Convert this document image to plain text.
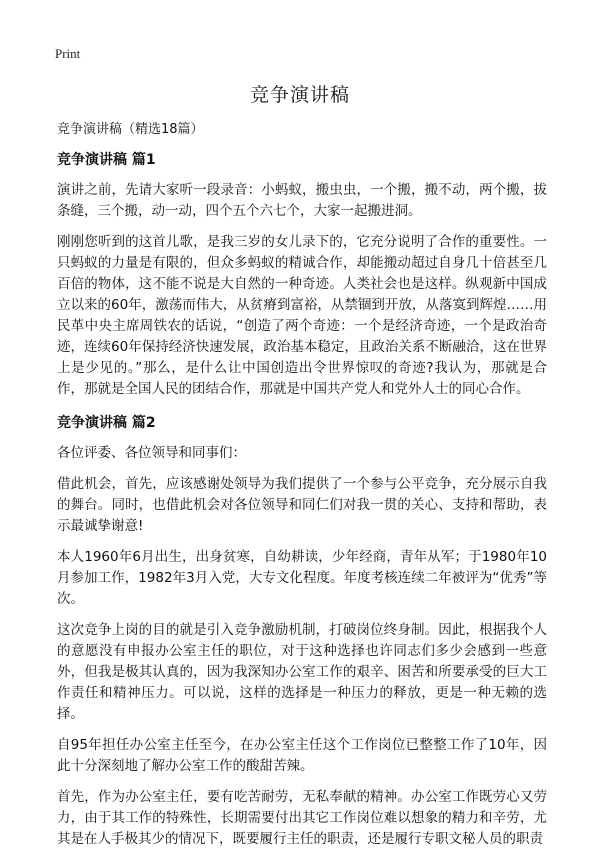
Print
竞争演讲稿

竞争演讲稿（精选18篇）

竞争演讲稿 篇1

演讲之前，先请大家听一段录音：小蚂蚁，搬虫虫，一个搬，搬不动，两个搬，拔条缝，三个搬，动一动，四个五个六七个，大家一起搬进洞。

刚刚您听到的这首儿歌，是我三岁的女儿录下的，它充分说明了合作的重要性。一只蚂蚁的力量是有限的，但众多蚂蚁的精诚合作，却能搬动超过自身几十倍甚至几百倍的物体，这不能不说是大自然的一种奇迹。人类社会也是这样。纵观新中国成立以来的60年，激荡而伟大，从贫瘠到富裕，从禁锢到开放，从落寞到辉煌……用民革中央主席周铁农的话说，“创造了两个奇迹：一个是经济奇迹，一个是政治奇迹，连续60年保持经济快速发展，政治基本稳定，且政治关系不断融洽，这在世界上是少见的。”那么，是什么让中国创造出令世界惊叹的奇迹?我认为，那就是合作，那就是全国人民的团结合作，那就是中国共产党人和党外人士的同心合作。

竞争演讲稿 篇2

各位评委、各位领导和同事们：

借此机会，首先，应该感谢处领导为我们提供了一个参与公平竞争，充分展示自我的舞台。同时，也借此机会对各位领导和同仁们对我一贯的关心、支持和帮助，表示最诚挚谢意!

本人1960年6月出生，出身贫寒，自幼耕读，少年经商，青年从军；于1980年10月参加工作，1982年3月入党，大专文化程度。年度考核连续二年被评为“优秀”等次。

这次竞争上岗的目的就是引入竞争激励机制，打破岗位终身制。因此，根据我个人的意愿没有申报办公室主任的职位，对于这种选择也许同志们多少会感到一些意外，但我是极其认真的，因为我深知办公室工作的艰辛、困苦和所要承受的巨大工作责任和精神压力。可以说，这样的选择是一种压力的释放，更是一种无赖的选择。

自95年担任办公室主任至今，在办公室主任这个工作岗位已整整工作了10年，因此十分深刻地了解办公室工作的酸甜苦辣。

首先，作为办公室主任，要有吃苦耐劳，无私奉献的精神。办公室工作既劳心又劳力，由于其工作的特殊性，长期需要付出其它工作岗位难以想象的精力和辛劳，尤其是在人手极其少的情况下，既要履行主任的职责，还是履行专职文秘人员的职责
